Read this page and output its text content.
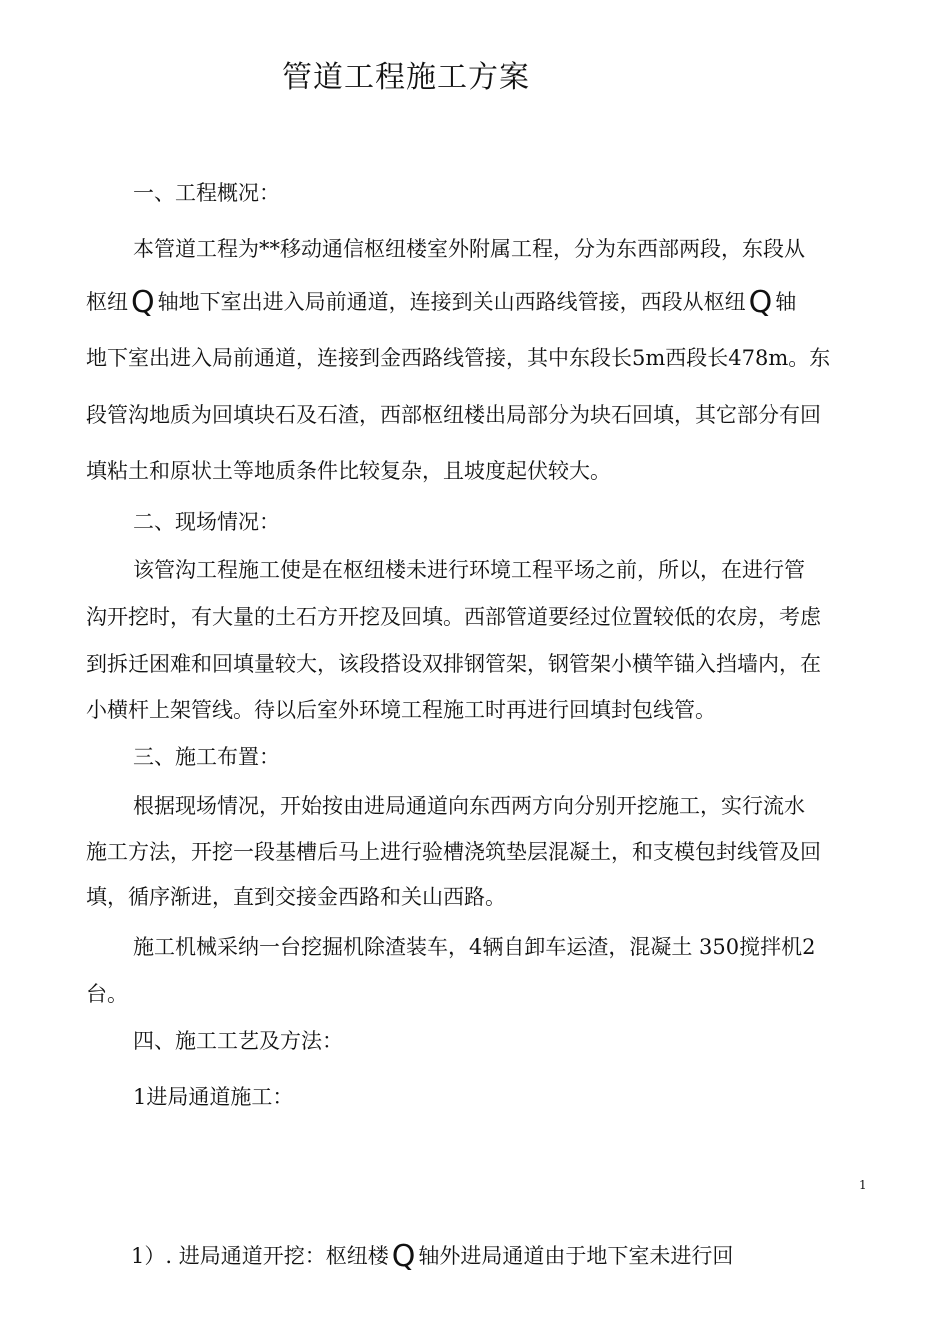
管道工程施工方案
一、工程概况：
本管道工程为**移动通信枢纽楼室外附属工程，分为东西部两段，东段从
枢纽 Q 轴地下室出进入局前通道，连接到关山西路线管接，西段从枢纽 Q 轴
地下室出进入局前通道，连接到金西路线管接，其中东段长5m西段长478m。东
段管沟地质为回填块石及石渣，西部枢纽楼出局部分为块石回填，其它部分有回
填粘土和原状土等地质条件比较复杂，且坡度起伏较大。
二、现场情况：
该管沟工程施工使是在枢纽楼未进行环境工程平场之前，所以，在进行管
沟开挖时，有大量的土石方开挖及回填。西部管道要经过位置较低的农房，考虑
到拆迁困难和回填量较大，该段搭设双排钢管架，钢管架小横竿锚入挡墙内，在
小横杆上架管线。待以后室外环境工程施工时再进行回填封包线管。
三、施工布置：
根据现场情况，开始按由进局通道向东西两方向分别开挖施工，实行流水
施工方法，开挖一段基槽后马上进行验槽浇筑垫层混凝土，和支模包封线管及回
填，循序渐进，直到交接金西路和关山西路。
施工机械采纳一台挖掘机除渣装车，4辆自卸车运渣，混凝土 350搅拌机2
台。
四、施工工艺及方法：
1进局通道施工：
1
1）. 进局通道开挖：枢纽楼 Q 轴外进局通道由于地下室未进行回
